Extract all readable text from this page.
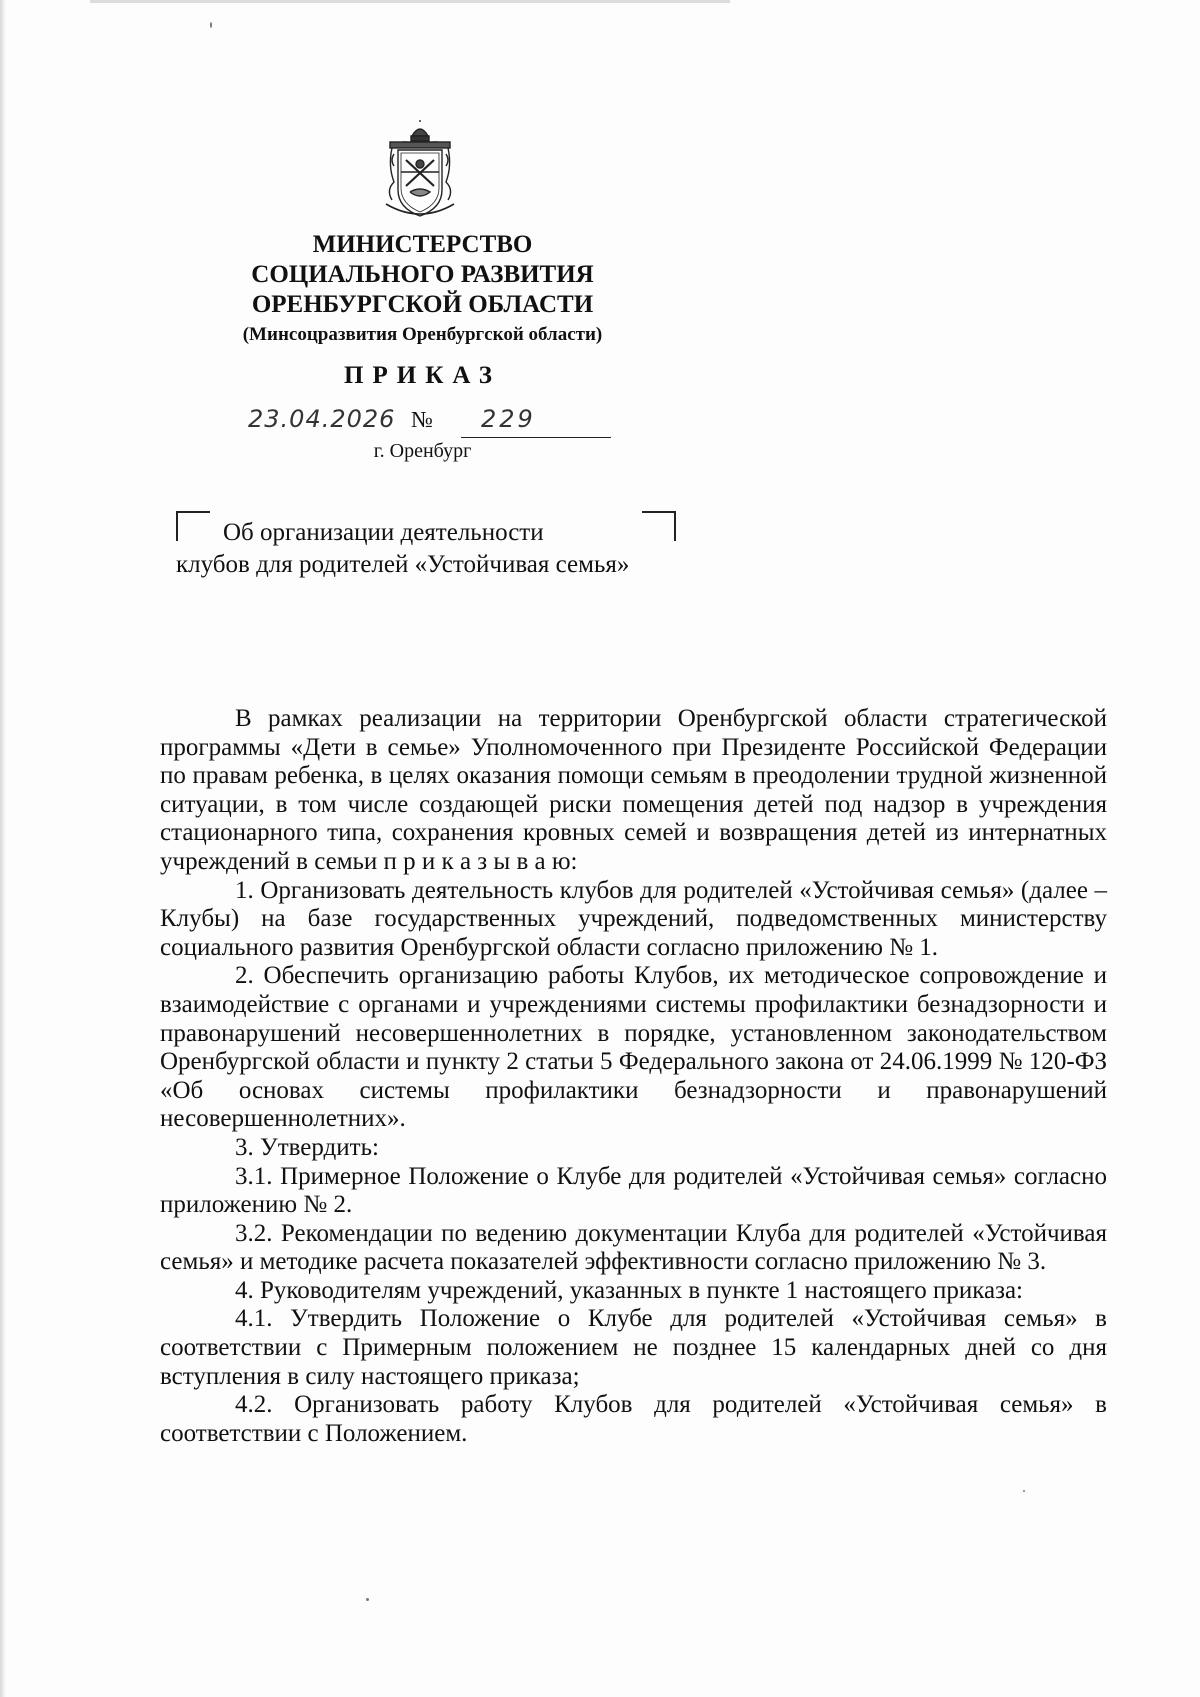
МИНИСТЕРСТВО
СОЦИАЛЬНОГО РАЗВИТИЯ
ОРЕНБУРГСКОЙ ОБЛАСТИ
(Минсоцразвития Оренбургской области)
ПРИКАЗ
23.04.2026 № 229
г. Оренбург
Об организации деятельности
клубов для родителей «Устойчивая семья»

В рамках реализации на территории Оренбургской области стратегической программы «Дети в семье» Уполномоченного при Президенте Российской Федерации по правам ребенка, в целях оказания помощи семьям в преодолении трудной жизненной ситуации, в том числе создающей риски помещения детей под надзор в учреждения стационарного типа, сохранения кровных семей и возвращения детей из интернатных учреждений в семьи п р и к а з ы в а ю:

1. Организовать деятельность клубов для родителей «Устойчивая семья» (далее – Клубы) на базе государственных учреждений, подведомственных министерству социального развития Оренбургской области согласно приложению № 1.

2. Обеспечить организацию работы Клубов, их методическое сопровождение и взаимодействие с органами и учреждениями системы профилактики безнадзорности и правонарушений несовершеннолетних в порядке, установленном законодательством Оренбургской области и пункту 2 статьи 5 Федерального закона от 24.06.1999 № 120-ФЗ «Об основах системы профилактики безнадзорности и правонарушений несовершеннолетних».

3. Утвердить:

3.1. Примерное Положение о Клубе для родителей «Устойчивая семья» согласно приложению № 2.

3.2. Рекомендации по ведению документации Клуба для родителей «Устойчивая семья» и методике расчета показателей эффективности согласно приложению № 3.

4. Руководителям учреждений, указанных в пункте 1 настоящего приказа:

4.1. Утвердить Положение о Клубе для родителей «Устойчивая семья» в соответствии с Примерным положением не позднее 15 календарных дней со дня вступления в силу настоящего приказа;

4.2. Организовать работу Клубов для родителей «Устойчивая семья» в соответствии с Положением.
